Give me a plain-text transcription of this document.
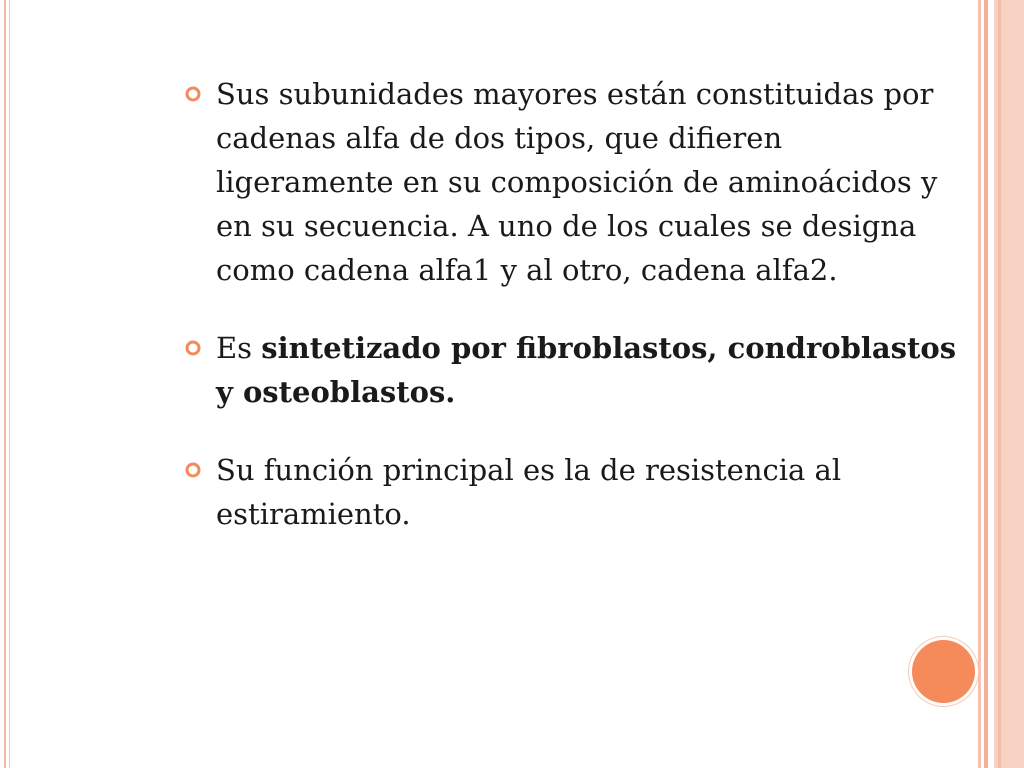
Sus subunidades mayores están constituidas por cadenas alfa de dos tipos, que difieren ligeramente en su composición de aminoácidos y en su secuencia. A uno de los cuales se designa como cadena alfa1 y al otro, cadena alfa2.
Es sintetizado por fibroblastos, condroblastos y osteoblastos.
Su función principal es la de resistencia al estiramiento.
